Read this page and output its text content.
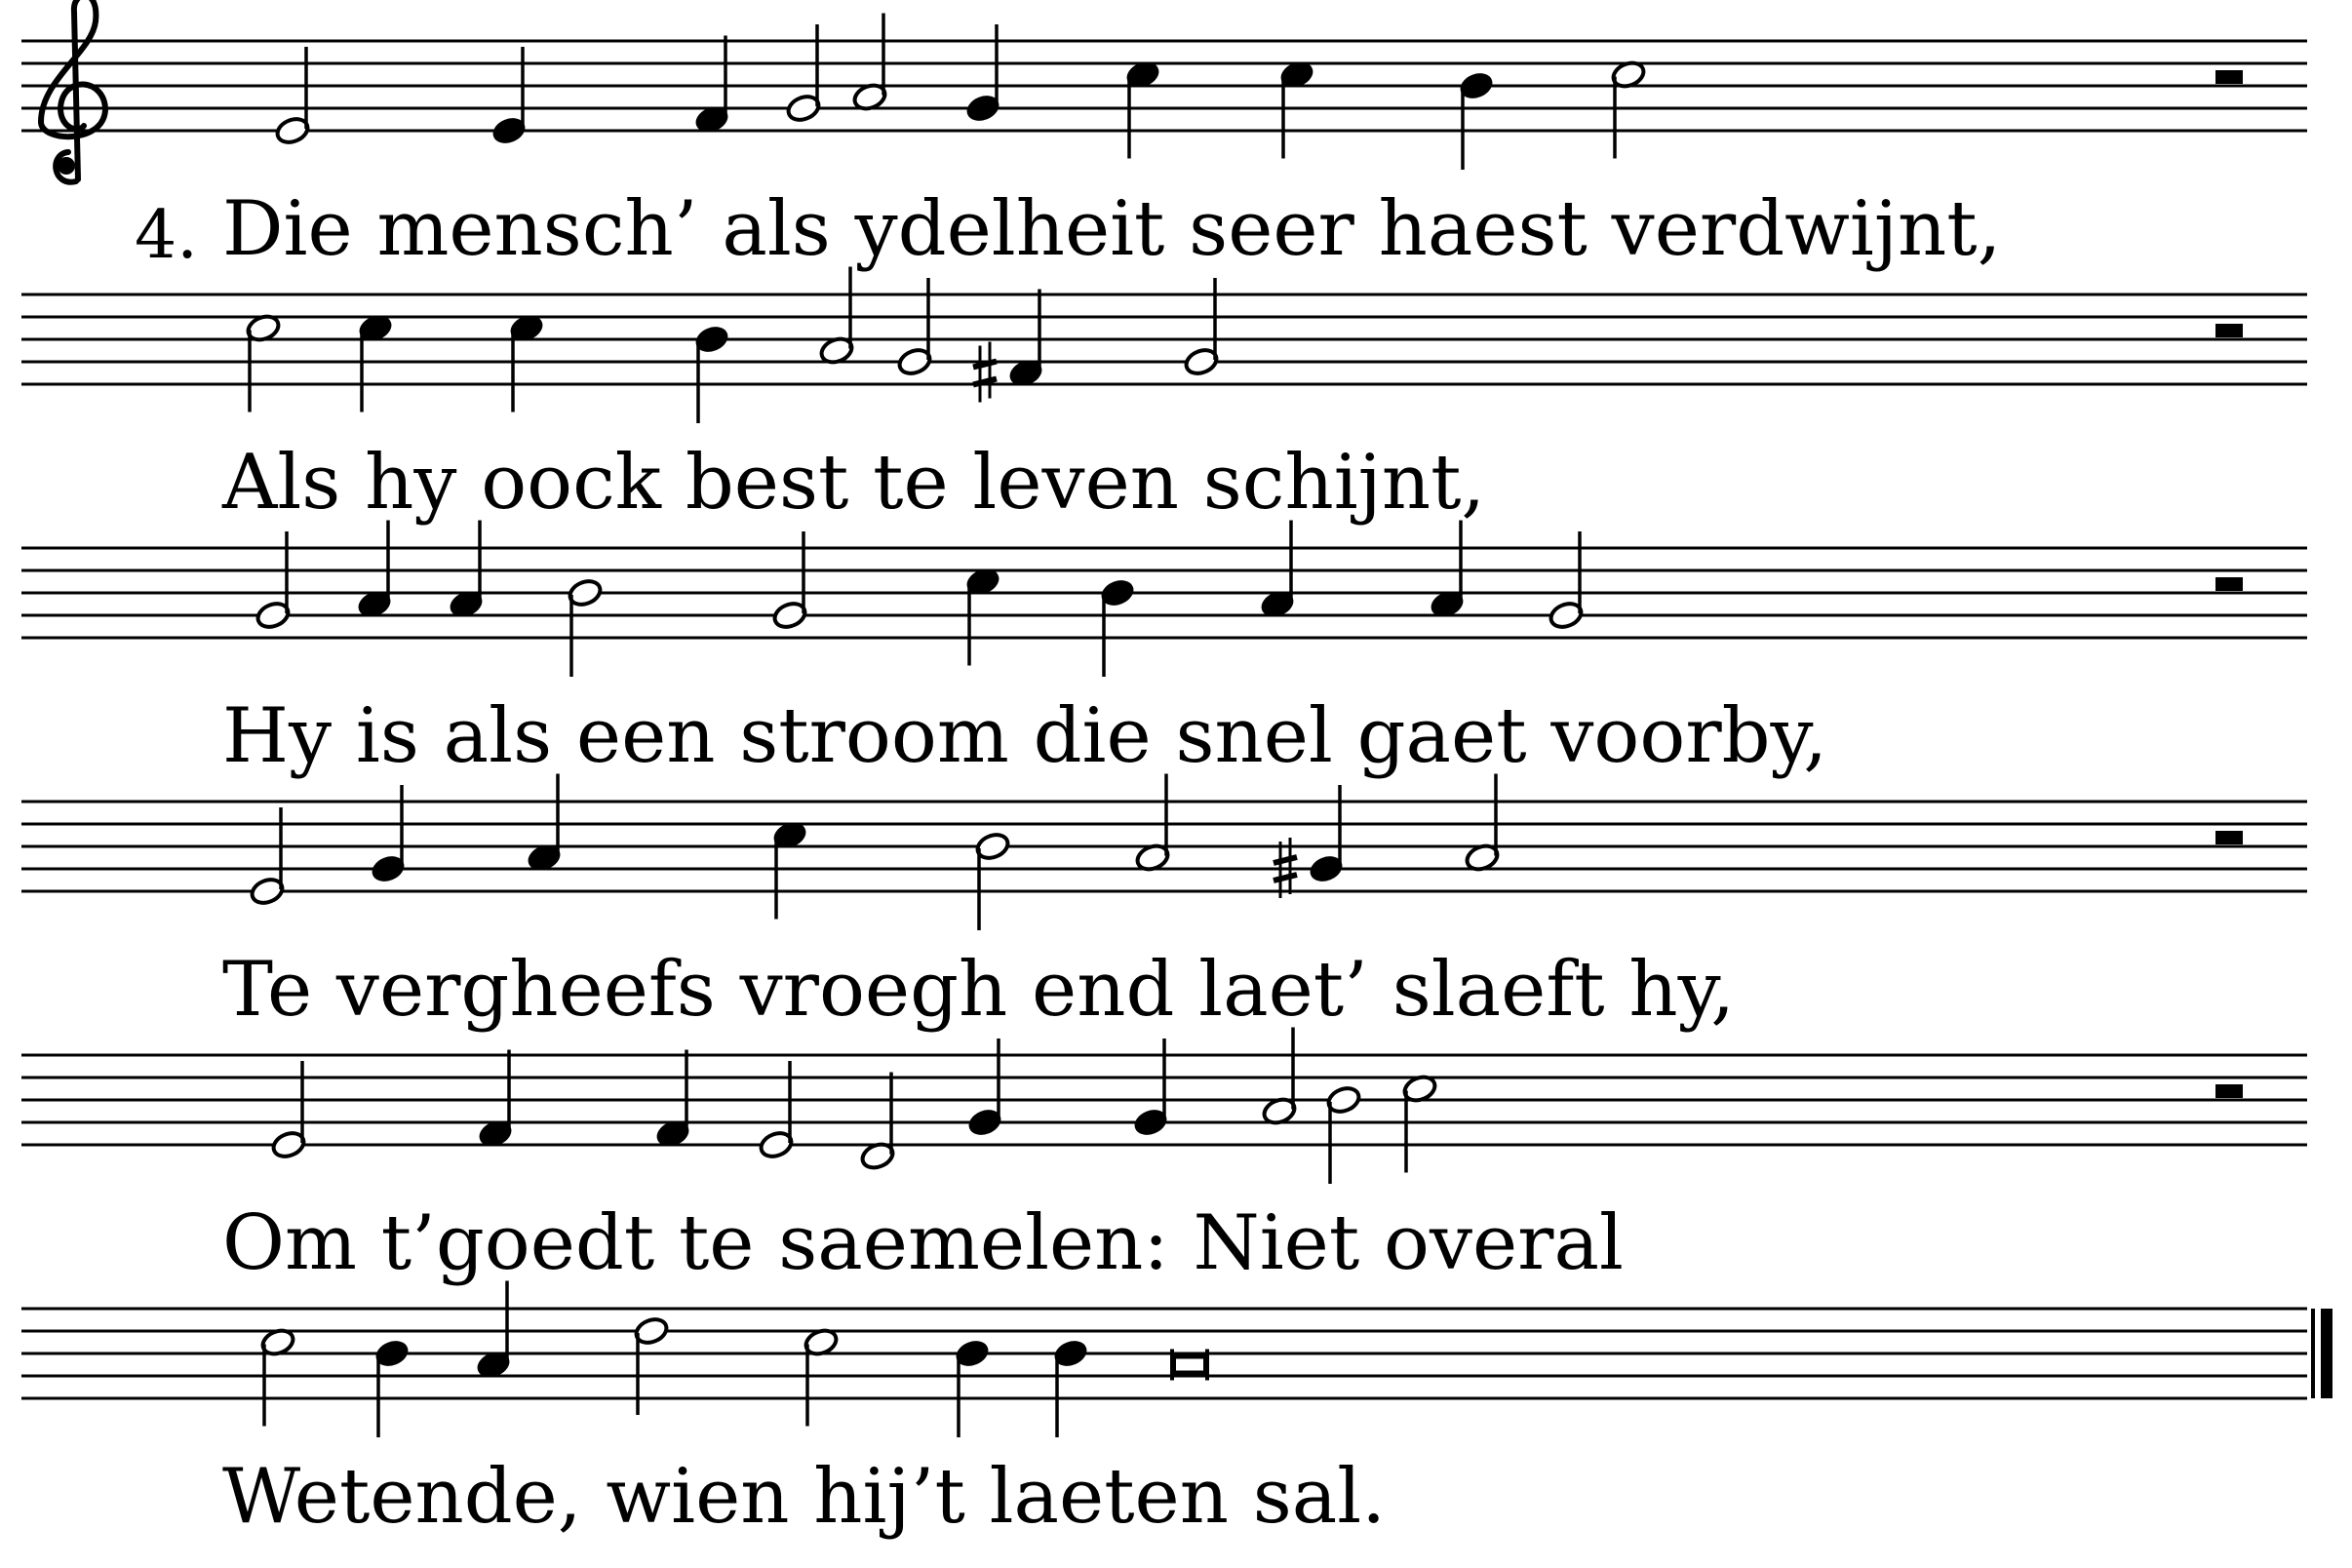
4. Die mensch’ als ydelheit seer haest verdwijnt,
Als hy oock best te leven schijnt,
Hy is als een stroom die snel gaet voorby,
Te vergheefs vroegh end laet’ slaeft hy,
Om t’goedt te saemelen: Niet overal
Wetende, wien hij’t laeten sal.
